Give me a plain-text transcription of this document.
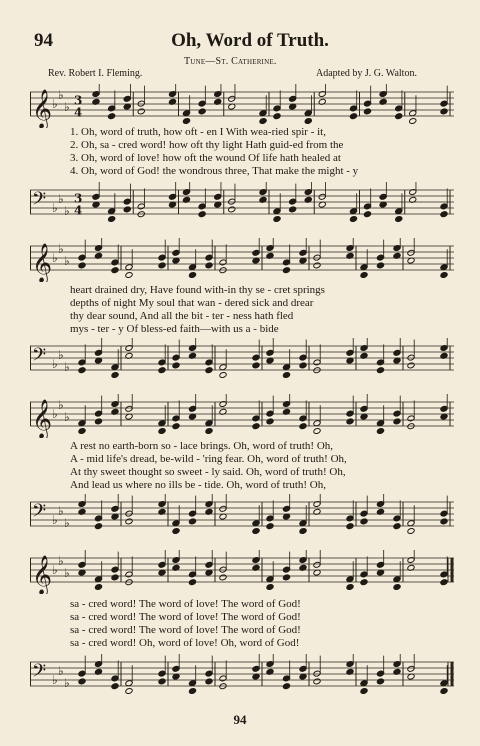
94	Oh, Word of Truth.
Tune—St. Catherine.
Rev. Robert I. Fleming.	Adapted by J. G. Walton.
𝄞 ♭
♭
♭ 3
4
1. Oh, word of truth, how oft - en I With wea-ried spir - it,
2. Oh, sa - cred word! how oft thy light Hath guid-ed from the
3. Oh, word of love! how oft the wound Of life hath healed at
4. Oh, word of God! the wondrous three, That make the might - y
𝄢 ♭
♭
♭
3
4
𝄞 ♭
♭
♭
heart drained dry, Have found with-in thy se - cret springs
depths of night My soul that wan - dered sick and drear
thy dear sound, And all the bit - ter - ness hath fled
mys - ter - y Of bless-ed faith—with us a - bide
𝄢 ♭
♭
♭
𝄞 ♭
♭
♭
A rest no earth-born so - lace brings. Oh, word of truth! Oh,
A - mid life's dread, be-wild - 'ring fear. Oh, word of truth! Oh,
At thy sweet thought so sweet - ly said. Oh, word of truth! Oh,
And lead us where no ills be - tide. Oh, word of truth! Oh,
𝄢 ♭
♭
♭
𝄞 ♭
♭
♭
sa - cred word! The word of love! The word of God!
sa - cred word! The word of love! The word of God!
sa - cred word! The word of love! The word of God!
sa - cred word! Oh, word of love! Oh, word of God!
𝄢 ♭
♭
♭
94
